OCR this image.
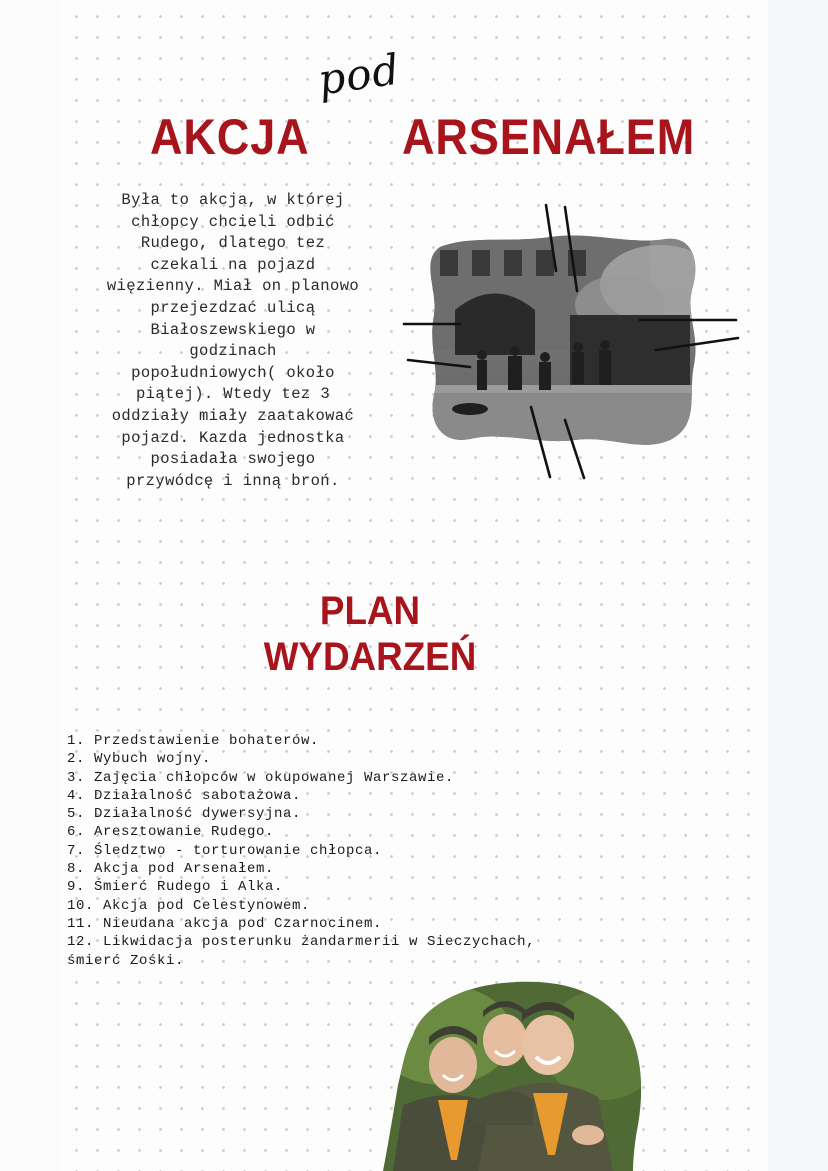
pod
AKCJA ARSENAŁEM
Była to akcja, w której
chłopcy chcieli odbić
Rudego, dlatego tez
czekali na pojazd
więzienny. Miał on planowo
przejezdzać ulicą
Białoszewskiego w
godzinach
popołudniowych( około
piątej). Wtedy tez 3
oddziały miały zaatakować
pojazd. Kazda jednostka
posiadała swojego
przywódcę i inną broń.
PLAN
WYDARZEŃ
1. Przedstawienie bohaterów.
2. Wybuch wojny.
3. Zajęcia chłopców w okupowanej Warszawie.
4. Działalność sabotażowa.
5. Działalność dywersyjna.
6. Aresztowanie Rudego.
7. Śledztwo - torturowanie chłopca.
8. Akcja pod Arsenałem.
9. Śmierć Rudego i Alka.
10. Akcja pod Celestynowem.
11. Nieudana akcja pod Czarnocinem.
12. Likwidacja posterunku żandarmerii w Sieczychach,
śmierć Zośki.
